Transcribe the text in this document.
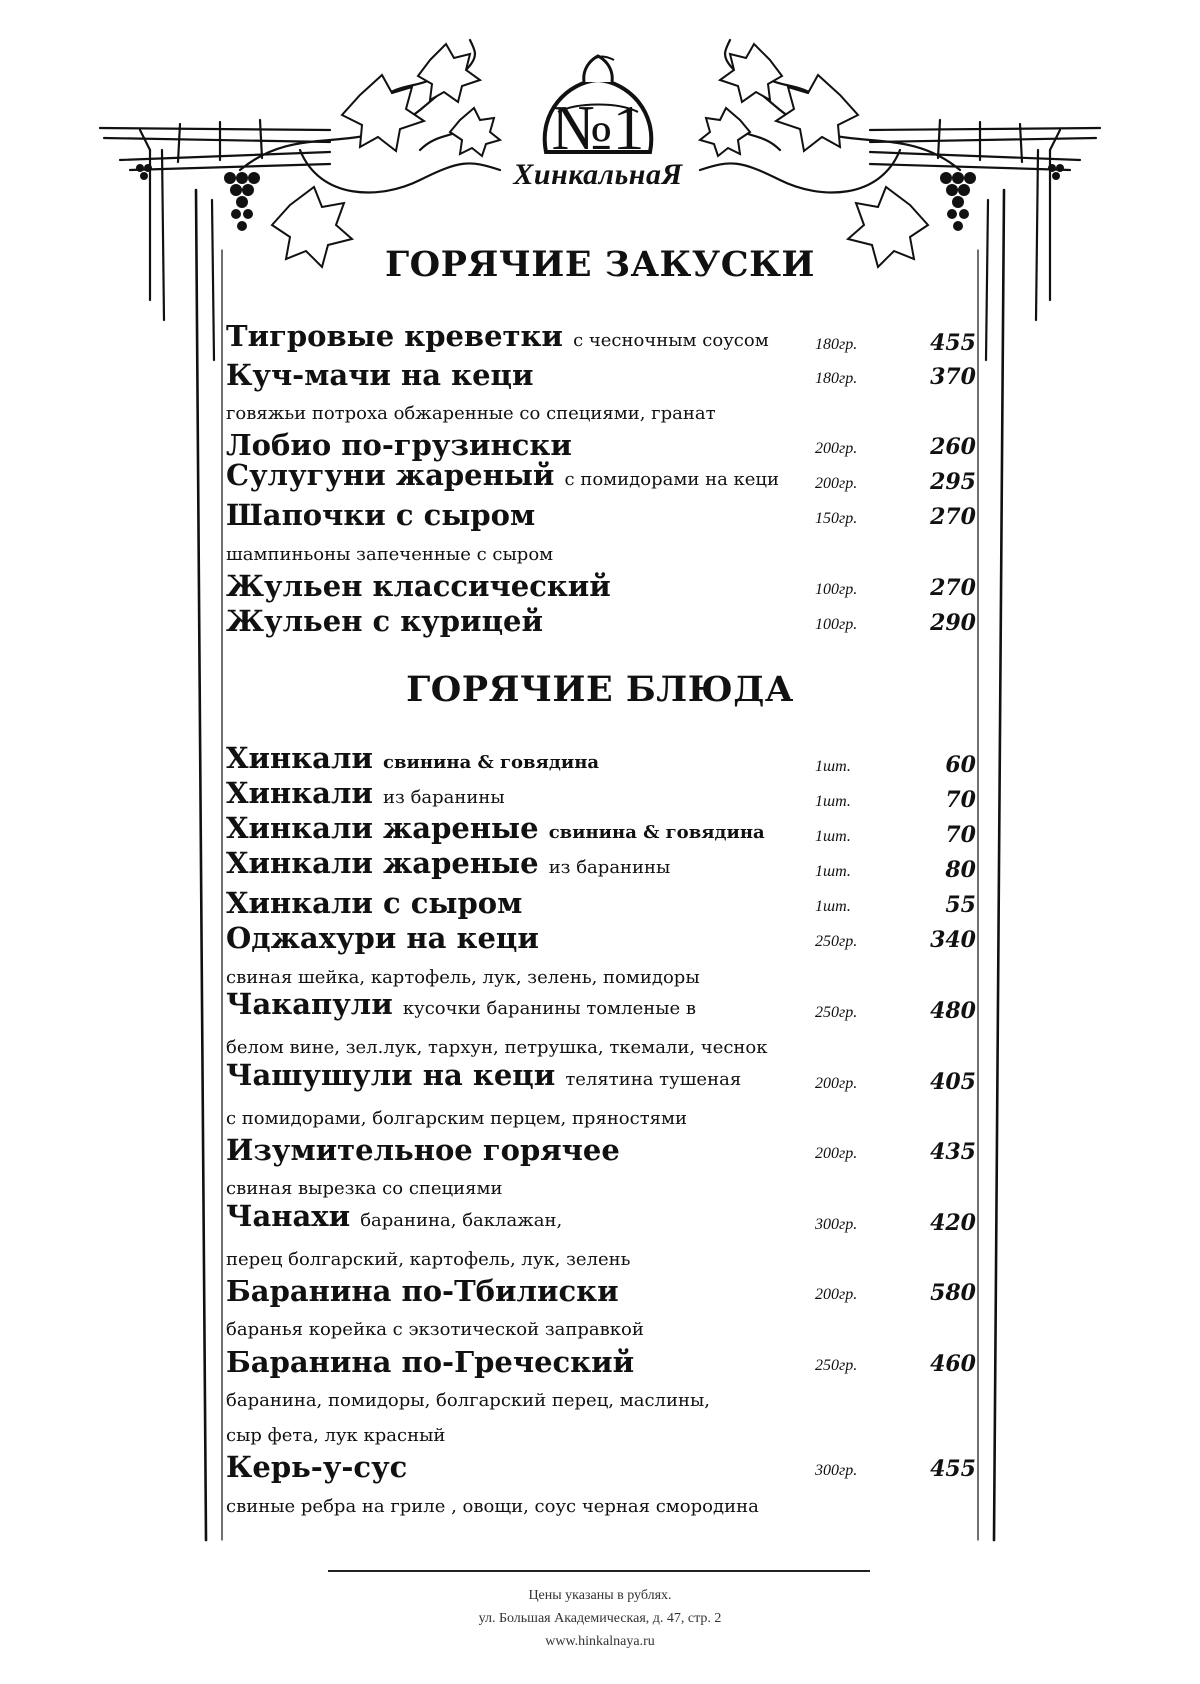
№1
ХинкальнаЯ
ГОРЯЧИЕ ЗАКУСКИ
Тигровые креветки с чесночным соусом	180гр.	455
Куч-мачи на кеци	180гр.	370
говяжьи потроха обжаренные со специями, гранат
Лобио по-грузински	200гр.	260
Сулугуни жареный с помидорами на кеци 200гр.	295
Шапочки с сыром	150гр.	270
шампиньоны запеченные с сыром
Жульен классический	100гр.	270
Жульен с курицей	100гр.	290
ГОРЯЧИЕ БЛЮДА
Хинкали свинина & говядина	1шт.	60
Хинкали из баранины	1шт.	70
Хинкали жареные свинина & говядина	1шт.	70
Хинкали жареные из баранины	1шт.	80
Хинкали с сыром	1шт.	55
Оджахури на кеци	250гр.	340
свиная шейка, картофель, лук, зелень, помидоры
Чакапули кусочки баранины томленые в	250гр.	480
белом вине, зел.лук, тархун, петрушка, ткемали, чеснок
Чашушули на кеци телятина тушеная	200гр.	405
с помидорами, болгарским перцем, пряностями
Изумительное горячее	200гр.	435
свиная вырезка со специями
Чанахи баранина, баклажан,	300гр.	420
перец болгарский, картофель, лук, зелень
Баранина по-Тбилиски	200гр.	580
баранья корейка с экзотической заправкой
Баранина по-Греческий	250гр.	460
баранина, помидоры, болгарский перец, маслины,
сыр фета, лук красный
Керь-у-сус	300гр.	455
свиные ребра на гриле , овощи, соус черная смородина
Цены указаны в рублях.
ул. Большая Академическая, д. 47, стр. 2
www.hinkalnaya.ru
